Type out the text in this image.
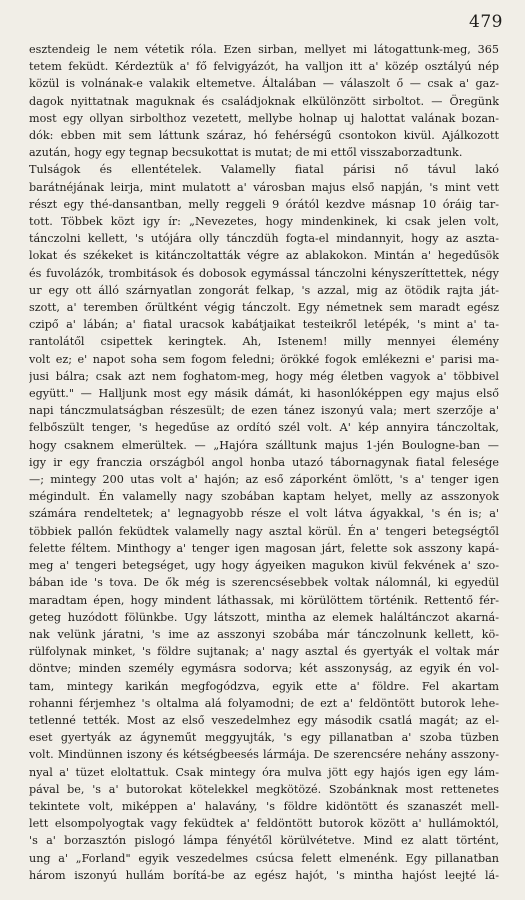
479
esztendeig le nem vétetik róla. Ezen sirban, mellyet mi látogattunk-meg, 365
tetem feküdt. Kérdeztük a' fő felvigyázót, ha valljon itt a' közép osztályú nép
közül is volnának-e valakik eltemetve. Általában — válaszolt ő — csak a' gaz-
dagok nyittatnak maguknak és családjoknak elkülönzött sirboltot. — Öregünk
most egy ollyan sirbolthoz vezetett, mellybe holnap uj halottat valának bozan-
dók: ebben mit sem láttunk száraz, hó fehérségű csontokon kivül. Ajálkozott
azután, hogy egy tegnap becsukottat is mutat; de mi ettől visszaborzadtunk.
Tulságok és ellentételek. Valamelly fiatal párisi nő távul lakó
barátnéjának leirja, mint mulatott a' városban majus első napján, 's mint vett
részt egy thé-dansantban, melly reggeli 9 órától kezdve másnap 10 óráig tar-
tott. Többek közt igy ír: „Nevezetes, hogy mindenkinek, ki csak jelen volt,
tánczolni kellett, 's utójára olly tánczdüh fogta-el mindannyit, hogy az aszta-
lokat és székeket is kitánczoltatták végre az ablakokon. Mintán a' hegedűsök
és fuvolázók, trombitások és dobosok egymással tánczolni kényszeríttettek, négy
ur egy ott álló szárnyatlan zongorát felkap, 's azzal, mig az ötödik rajta ját-
szott, a' teremben őrültként végig tánczolt. Egy németnek sem maradt egész
czipő a' lábán; a' fiatal uracsok kabátjaikat testeikről letépék, 's mint a' ta-
rantolátől csipettek keringtek. Ah, Istenem! milly mennyei élemény
volt ez; e' napot soha sem fogom feledni; örökké fogok emlékezni e' parisi ma-
jusi bálra; csak azt nem foghatom-meg, hogy még életben vagyok a' többivel
együtt." — Halljunk most egy másik dámát, ki hasonlóképpen egy majus első
napi tánczmulatságban részesült; de ezen tánez iszonyú vala; mert szerzője a'
felbőszült tenger, 's hegedűse az ordító szél volt. A' kép annyira tánczoltak,
hogy csaknem elmerültek. — „Hajóra szálltunk majus 1-jén Boulogne-ban —
igy ir egy franczia országból angol honba utazó tábornagynak fiatal felesége
—; mintegy 200 utas volt a' hajón; az eső záporként ömlött, 's a' tenger igen
mégindult. Én valamelly nagy szobában kaptam helyet, melly az asszonyok
számára rendeltetek; a' legnagyobb része el volt látva ágyakkal, 's én is; a'
többiek pallón feküdtek valamelly nagy asztal körül. Én a' tengeri betegségtől
felette féltem. Minthogy a' tenger igen magosan járt, felette sok asszony kapá-
meg a' tengeri betegséget, ugy hogy ágyeiken magukon kivül fekvének a' szo-
bában ide 's tova. De ők még is szerencsésebbek voltak nálomnál, ki egyedül
maradtam épen, hogy mindent láthassak, mi körülöttem történik. Rettentő fér-
geteg huzódott fölünkbe. Ugy látszott, mintha az elemek haláltánczot akarná-
nak velünk járatni, 's ime az asszonyi szobába már tánczolnunk kellett, kö-
rülfolynak minket, 's földre sujtanak; a' nagy asztal és gyertyák el voltak már
döntve; minden személy egymásra sodorva; két asszonyság, az egyik én vol-
tam, mintegy karikán megfogódzva, egyik ette a' földre. Fel akartam
rohanni férjemhez 's oltalma alá folyamodni; de ezt a' feldöntött butorok lehe-
tetlenné tették. Most az első veszedelmhez egy második csatlá magát; az el-
eset gyertyák az ágyneműt meggyujták, 's egy pillanatban a' szoba tüzben
volt. Mindünnen iszony és kétségbeesés lármája. De szerencsére nehány asszony-
nyal a' tüzet eloltattuk. Csak mintegy óra mulva jött egy hajós igen egy lám-
pával be, 's a' butorokat kötelekkel megkötözé. Szobánknak most rettenetes
tekintete volt, miképpen a' halavány, 's földre kidöntött és szanaszét mell-
lett elsompolyogtak vagy feküdtek a' feldöntött butorok között a' hullámoktól,
's a' borzasztón pislogó lámpa fényétől körülvétetve. Mind ez alatt történt,
ung a' „Forland" egyik veszedelmes csúcsa felett elmenénk. Egy pillanatban
három iszonyú hullám borítá-be az egész hajót, 's mintha hajóst leejté lá-
